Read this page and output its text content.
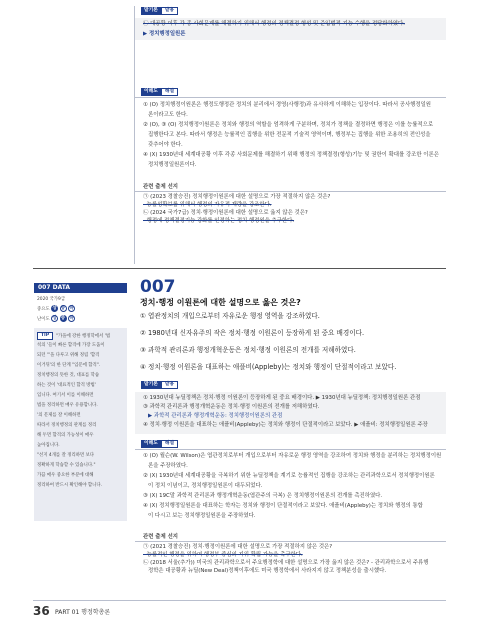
말기론	말용
㉡ 대공황 이후 각 종 사회문제를 해결하기 위해서 행정의 정책결정·형성 및 준입법적 기능 수행을 정당화하였다.
▶ 정치행정일원론
이해도	해설
① (O) 정치행정이원론은 행정도행정관 정치의 분리에서 경영(사행정)과 유사하게 이해하는 입장이다. 따라서 공사행정일원
론이라고도 한다.
② (O), ③ (O) 정치행정이원론은 정치와 행정의 역할을 엄격하게 구분하며, 정치가 정책을 결정하면 행정은 이를 능률적으로
집행한다고 본다. 따라서 행정은 능률적인 집행을 위한 전문적 기술적 영역이며, 행정부는 집행을 위한 조용히의 전인성을
갖추어야 한다.
④ (X) 1930년대 세계대공황 이후 각종 사회문제를 해결하기 위해 행정의 정책결정(형성)기능 및 권한이 확대를 강조한 이론은
정치행정일원론이다.
관련 출제 선지
㉠ (2023 경찰승진) 정치행정이원론에 대한 설명으로 가장 적절하지 않은 것은?
- 능률성확보를 위해서 행정의 자유적 재량을 강조한다.
㉡ (2024 국가7급) 정치·행정이원론에 대한 설명으로 옳지 않은 것은?
- 행정에 정책결정기능 강화를 인정하는 정치·행정원을 추구한다.
007 DATA
2020 국가9급
중요도 상 중 하
난이도 상 중 하
TIP	"가을에 강한 행정학에서 '법
칙의 '들이 빠른 합격에 가장 도움이
되던 "'을 다루고 위해 정립 '합격
이거뒤'의 한 단계 "입문에 합격".
정치행정의 뜻한 것, 대표를 학습
하는 것이 '대표적인 합격 방법'
입니다. 여기서 이를 이해하면
법을 정리하면 매우 유용합니다.
'의 문제를 잘 이해하면
따라서 정치행정의 관계를 정리
해 두면 합격의 가능성이 매우
높아집니다.
"선지 4개를 잘 정리하면 보다
정확하게 학습할 수 있습니다."
가끔 매우 중요한 부분에 대해
정리하여 반드시 확인해야 합니다.
007
정치·행정 이원론에 대한 설명으로 옳은 것은?
① 엽관정치의 개입으로부터 자유로운 행정 영역을 강조하였다.
② 1980년대 신자유주의 작은 정치·행정 이원론이 등장하게 된 중요 배경이다.
③ 과학적 관리론과 행정개혁운동은 정치·행정 이원론의 전개를 저해하였다.
④ 정치·행정 이원론을 대표하는 애플비(Appleby)는 정치와 행정이 단절적이라고 보았다.
말기론	말용
① 1930년대 뉴딜정책은 정치·행정 이원론이 등장하게 된 중요 배경이다. ▶ 1930년대 뉴딜정책: 정치행정일원론 관점
③ 과학적 관리론과 행정개혁운동은 정치·행정 이원론의 전개를 저해하였다.
▶ 과학적 관리론과 행정개혁운동: 정치행정이원론의 관점
④ 정치·행정 이원론을 대표하는 애플비(Appleby)는 정치와 행정이 단절적이라고 보았다. ▶ 애플비: 정치행정일원론 주장
이해도	해설
① (O) 윌슨(W. Wilson)은 엽관정치로부터 개입으로부터 자유로운 행정 영역을 강조하여 정치와 행정을 분리하는 정치행정이원
론을 주장하였다.
② (X) 1930년대 세계대공황을 극복하기 위한 뉴딜정책을 계기로 능률적인 집행을 강조하는 관리과학으로서 정치행정이원론
이 정치 이념이고, 정치행정일원론이 대두되었다.
③ (X) 19C말 과학적 관리론과 행정개혁운동(엽관주의 극복) 은 정치행정이원론의 전개를 촉진하였다.
④ (X) 정치행정일원론을 대표하는 학자는 정치와 행정이 단절적이라고 보았다. 애플비(Appleby)는 정치와 행정의 통합
이 다시고 보는 정치행정일원론을 주장하였다.
관련 출제 선지
㉠ (2021 경찰승진) 정치·행정이원론에 대한 설명으로 가장 적절하지 않은 것은?
- 능률적인 행정을 위하여 행정부 중심의 지위 확립 가능을 촉구한다.
㉡ (2018 서울(추가)) 미국의 관리과학으로서 주요행정학에 대한 설명으로 가장 옳지 않은 것은? - 관리과학으로서 주류행
정학은 대공황과 뉴딜(New Deal)정책이후에도 미국 행정학에서 사라지지 않고 정책분성을 출시했다.
36 PART 01 행정학총론
